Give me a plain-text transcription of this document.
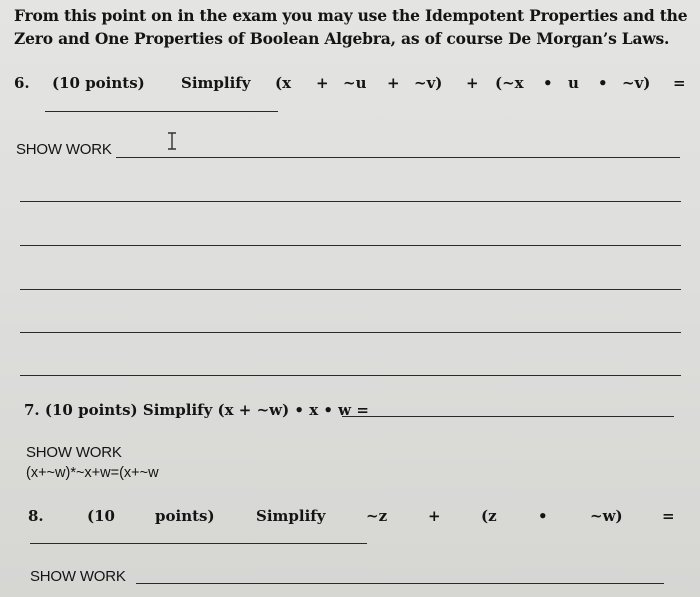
From this point on in the exam you may use the Idempotent Properties and the
Zero and One Properties of Boolean Algebra, as of course De Morgan’s Laws.
6. (10 points) Simplify (x + ~u + ~v) + (~x • u • ~v) =
SHOW WORK
7. (10 points) Simplify (x + ~w) • x • w =
SHOW WORK
(x+~w)*~x+w=(x+~w
8.	(10	points)	Simplify	~z	+	(z	•	~w)	=
SHOW WORK
